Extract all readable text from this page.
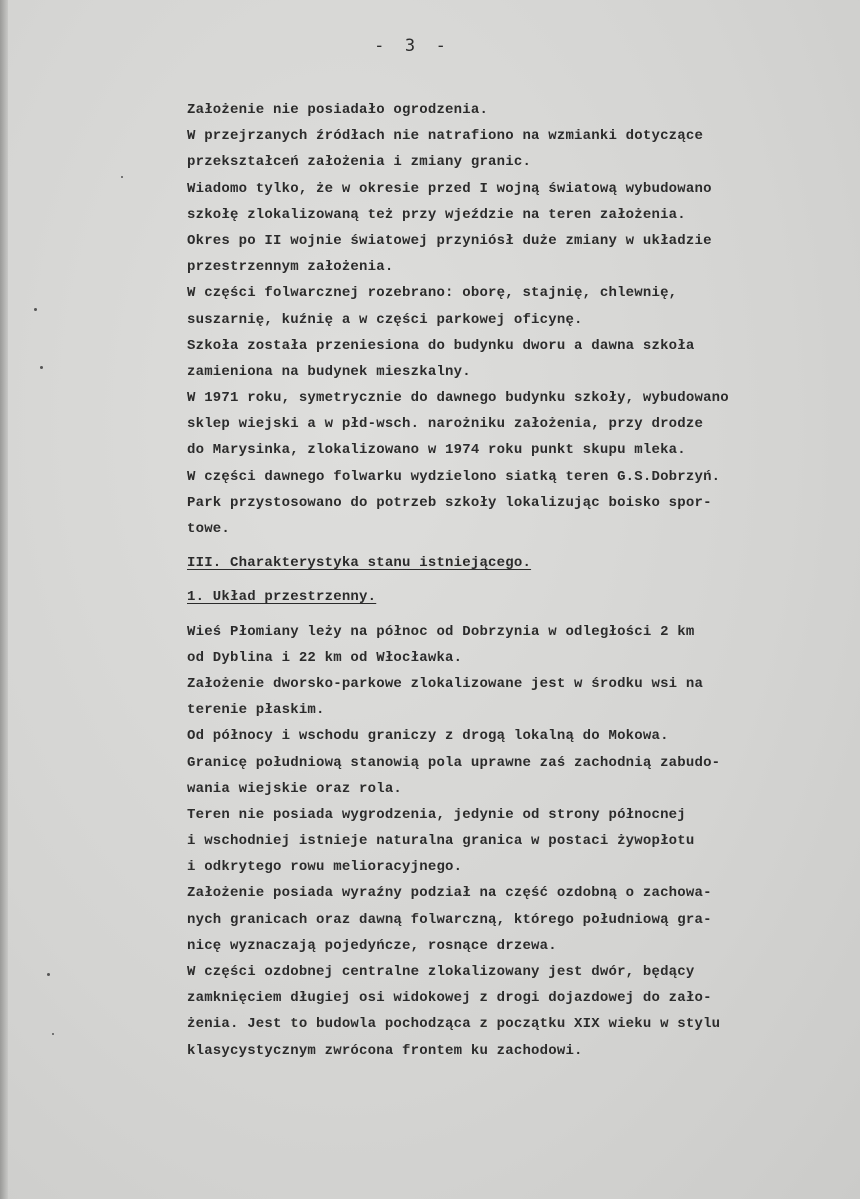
-  3  -
Założenie nie posiadało ogrodzenia.
W przejrzanych źródłach nie natrafiono na wzmianki dotyczące
przekształceń założenia i zmiany granic.
Wiadomo tylko, że w okresie przed I wojną światową wybudowano
szkołę zlokalizowaną też przy wjeździe na teren założenia.
Okres po II wojnie światowej przyniósł duże zmiany w układzie
przestrzennym założenia.
W części folwarcznej rozebrano: oborę, stajnię, chlewnię,
suszarnię, kuźnię a w części parkowej oficynę.
Szkoła została przeniesiona do budynku dworu a dawna szkoła
zamieniona na budynek mieszkalny.
W 1971 roku, symetrycznie do dawnego budynku szkoły, wybudowano
sklep wiejski a w płd-wsch. narożniku założenia, przy drodze
do Marysinka, zlokalizowano w 1974 roku punkt skupu mleka.
W części dawnego folwarku wydzielono siatką teren G.S.Dobrzyń.
Park przystosowano do potrzeb szkoły lokalizując boisko spor-
towe.
III. Charakterystyka stanu istniejącego.
1. Układ przestrzenny.
Wieś Płomiany leży na północ od Dobrzynia w odległości 2 km
od Dyblina i 22 km od Włocławka.
Założenie dworsko-parkowe zlokalizowane jest w środku wsi na
terenie płaskim.
Od północy i wschodu graniczy z drogą lokalną do Mokowa.
Granicę południową stanowią pola uprawne zaś zachodnią zabudo-
wania wiejskie oraz rola.
Teren nie posiada wygrodzenia, jedynie od strony północnej
i wschodniej istnieje naturalna granica w postaci żywopłotu
i odkrytego rowu melioracyjnego.
Założenie posiada wyraźny podział na część ozdobną o zachowa-
nych granicach oraz dawną folwarczną, którego południową gra-
nicę wyznaczają pojedyńcze, rosnące drzewa.
W części ozdobnej centralne zlokalizowany jest dwór, będący
zamknięciem długiej osi widokowej z drogi dojazdowej do zało-
żenia. Jest to budowla pochodząca z początku XIX wieku w stylu
klasycystycznym zwrócona frontem ku zachodowi.
